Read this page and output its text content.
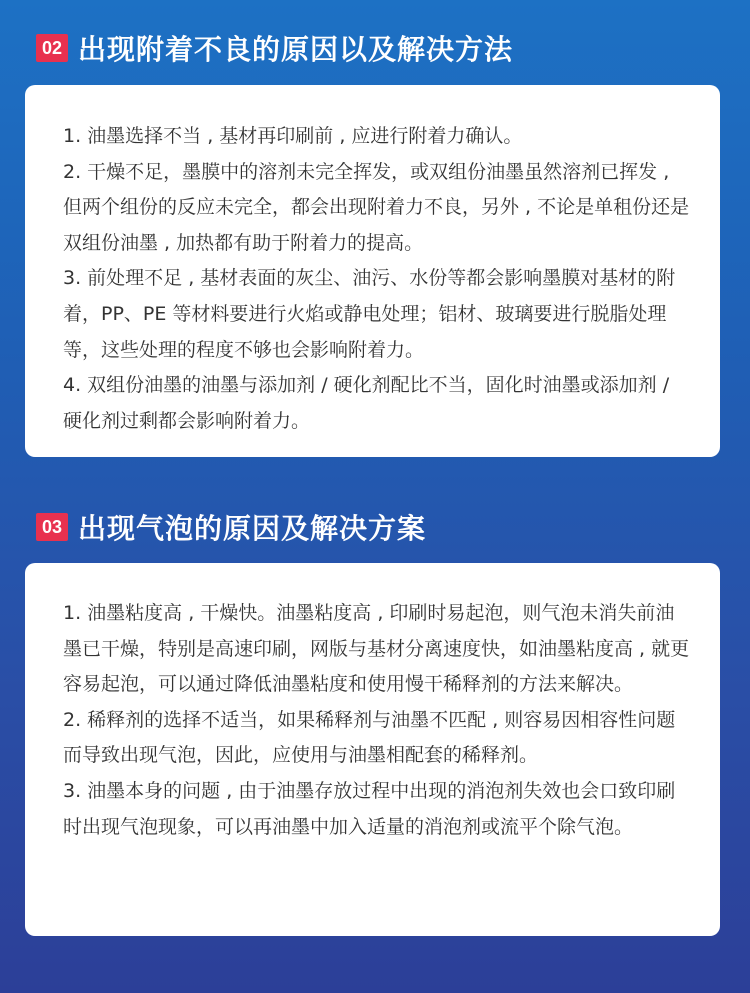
02 出现附着不良的原因以及解决方法

1. 油墨选择不当 , 基材再印刷前 , 应进行附着力确认。

2. 干燥不足，墨膜中的溶剂未完全挥发，或双组份油墨虽然溶剂已挥发 , 但两个组份的反应未完全，都会出现附着力不良，另外 , 不论是单租份还是双组份油墨 , 加热都有助于附着力的提高。

3. 前处理不足 , 基材表面的灰尘、油污、水份等都会影响墨膜对基材的附着，PP、PE 等材料要进行火焰或静电处理；铝材、玻璃要进行脱脂处理等，这些处理的程度不够也会影响附着力。

4. 双组份油墨的油墨与添加剂 / 硬化剂配比不当，固化时油墨或添加剂 / 硬化剂过剩都会影响附着力。

03 出现气泡的原因及解决方案

1. 油墨粘度高 , 干燥快。油墨粘度高 , 印刷时易起泡，则气泡未消失前油墨已干燥，特别是高速印刷，网版与基材分离速度快，如油墨粘度高 , 就更容易起泡，可以通过降低油墨粘度和使用慢干稀释剂的方法来解决。

2. 稀释剂的选择不适当，如果稀释剂与油墨不匹配 , 则容易因相容性问题而导致出现气泡，因此，应使用与油墨相配套的稀释剂。

3. 油墨本身的问题 , 由于油墨存放过程中出现的消泡剂失效也会口致印刷时出现气泡现象，可以再油墨中加入适量的消泡剂或流平个除气泡。
